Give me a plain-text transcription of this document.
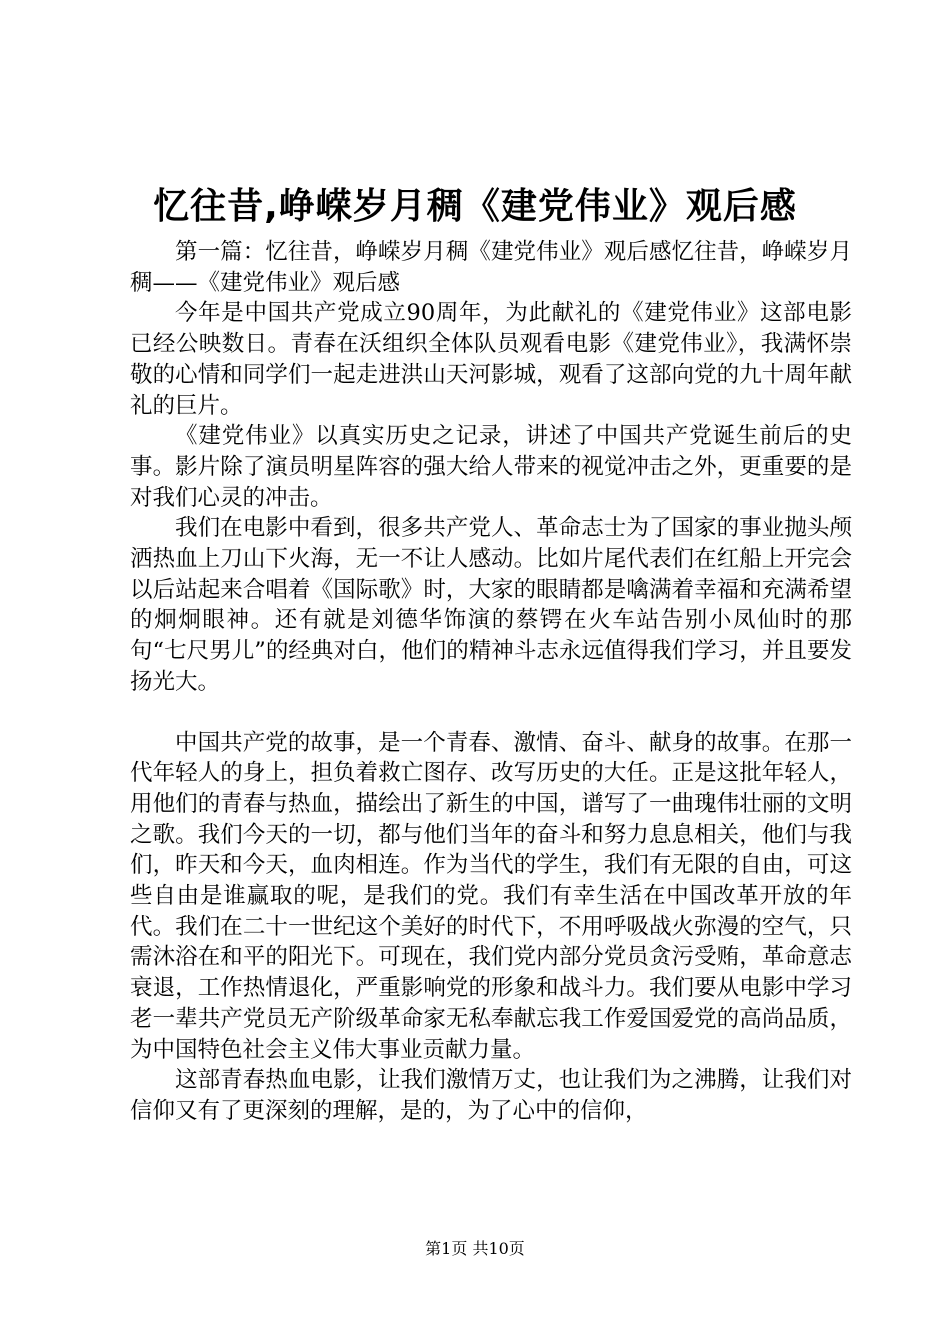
忆往昔,峥嵘岁月稠《建党伟业》观后感

第一篇：忆往昔，峥嵘岁月稠《建党伟业》观后感忆往昔，峥嵘岁月稠——《建党伟业》观后感

今年是中国共产党成立90周年，为此献礼的《建党伟业》这部电影已经公映数日。青春在沃组织全体队员观看电影《建党伟业》，我满怀崇敬的心情和同学们一起走进洪山天河影城，观看了这部向党的九十周年献礼的巨片。

《建党伟业》以真实历史之记录，讲述了中国共产党诞生前后的史事。影片除了演员明星阵容的强大给人带来的视觉冲击之外，更重要的是对我们心灵的冲击。

我们在电影中看到，很多共产党人、革命志士为了国家的事业抛头颅洒热血上刀山下火海，无一不让人感动。比如片尾代表们在红船上开完会以后站起来合唱着《国际歌》时，大家的眼睛都是噙满着幸福和充满希望的炯炯眼神。还有就是刘德华饰演的蔡锷在火车站告别小凤仙时的那句“七尺男儿”的经典对白，他们的精神斗志永远值得我们学习，并且要发扬光大。

中国共产党的故事，是一个青春、激情、奋斗、献身的故事。在那一代年轻人的身上，担负着救亡图存、改写历史的大任。正是这批年轻人，用他们的青春与热血，描绘出了新生的中国，谱写了一曲瑰伟壮丽的文明之歌。我们今天的一切，都与他们当年的奋斗和努力息息相关，他们与我们，昨天和今天，血肉相连。作为当代的学生，我们有无限的自由，可这些自由是谁赢取的呢，是我们的党。我们有幸生活在中国改革开放的年代。我们在二十一世纪这个美好的时代下，不用呼吸战火弥漫的空气，只需沐浴在和平的阳光下。可现在，我们党内部分党员贪污受贿，革命意志衰退，工作热情退化，严重影响党的形象和战斗力。我们要从电影中学习老一辈共产党员无产阶级革命家无私奉献忘我工作爱国爱党的高尚品质，为中国特色社会主义伟大事业贡献力量。

这部青春热血电影，让我们激情万丈，也让我们为之沸腾，让我们对信仰又有了更深刻的理解，是的，为了心中的信仰，

第1页 共10页
